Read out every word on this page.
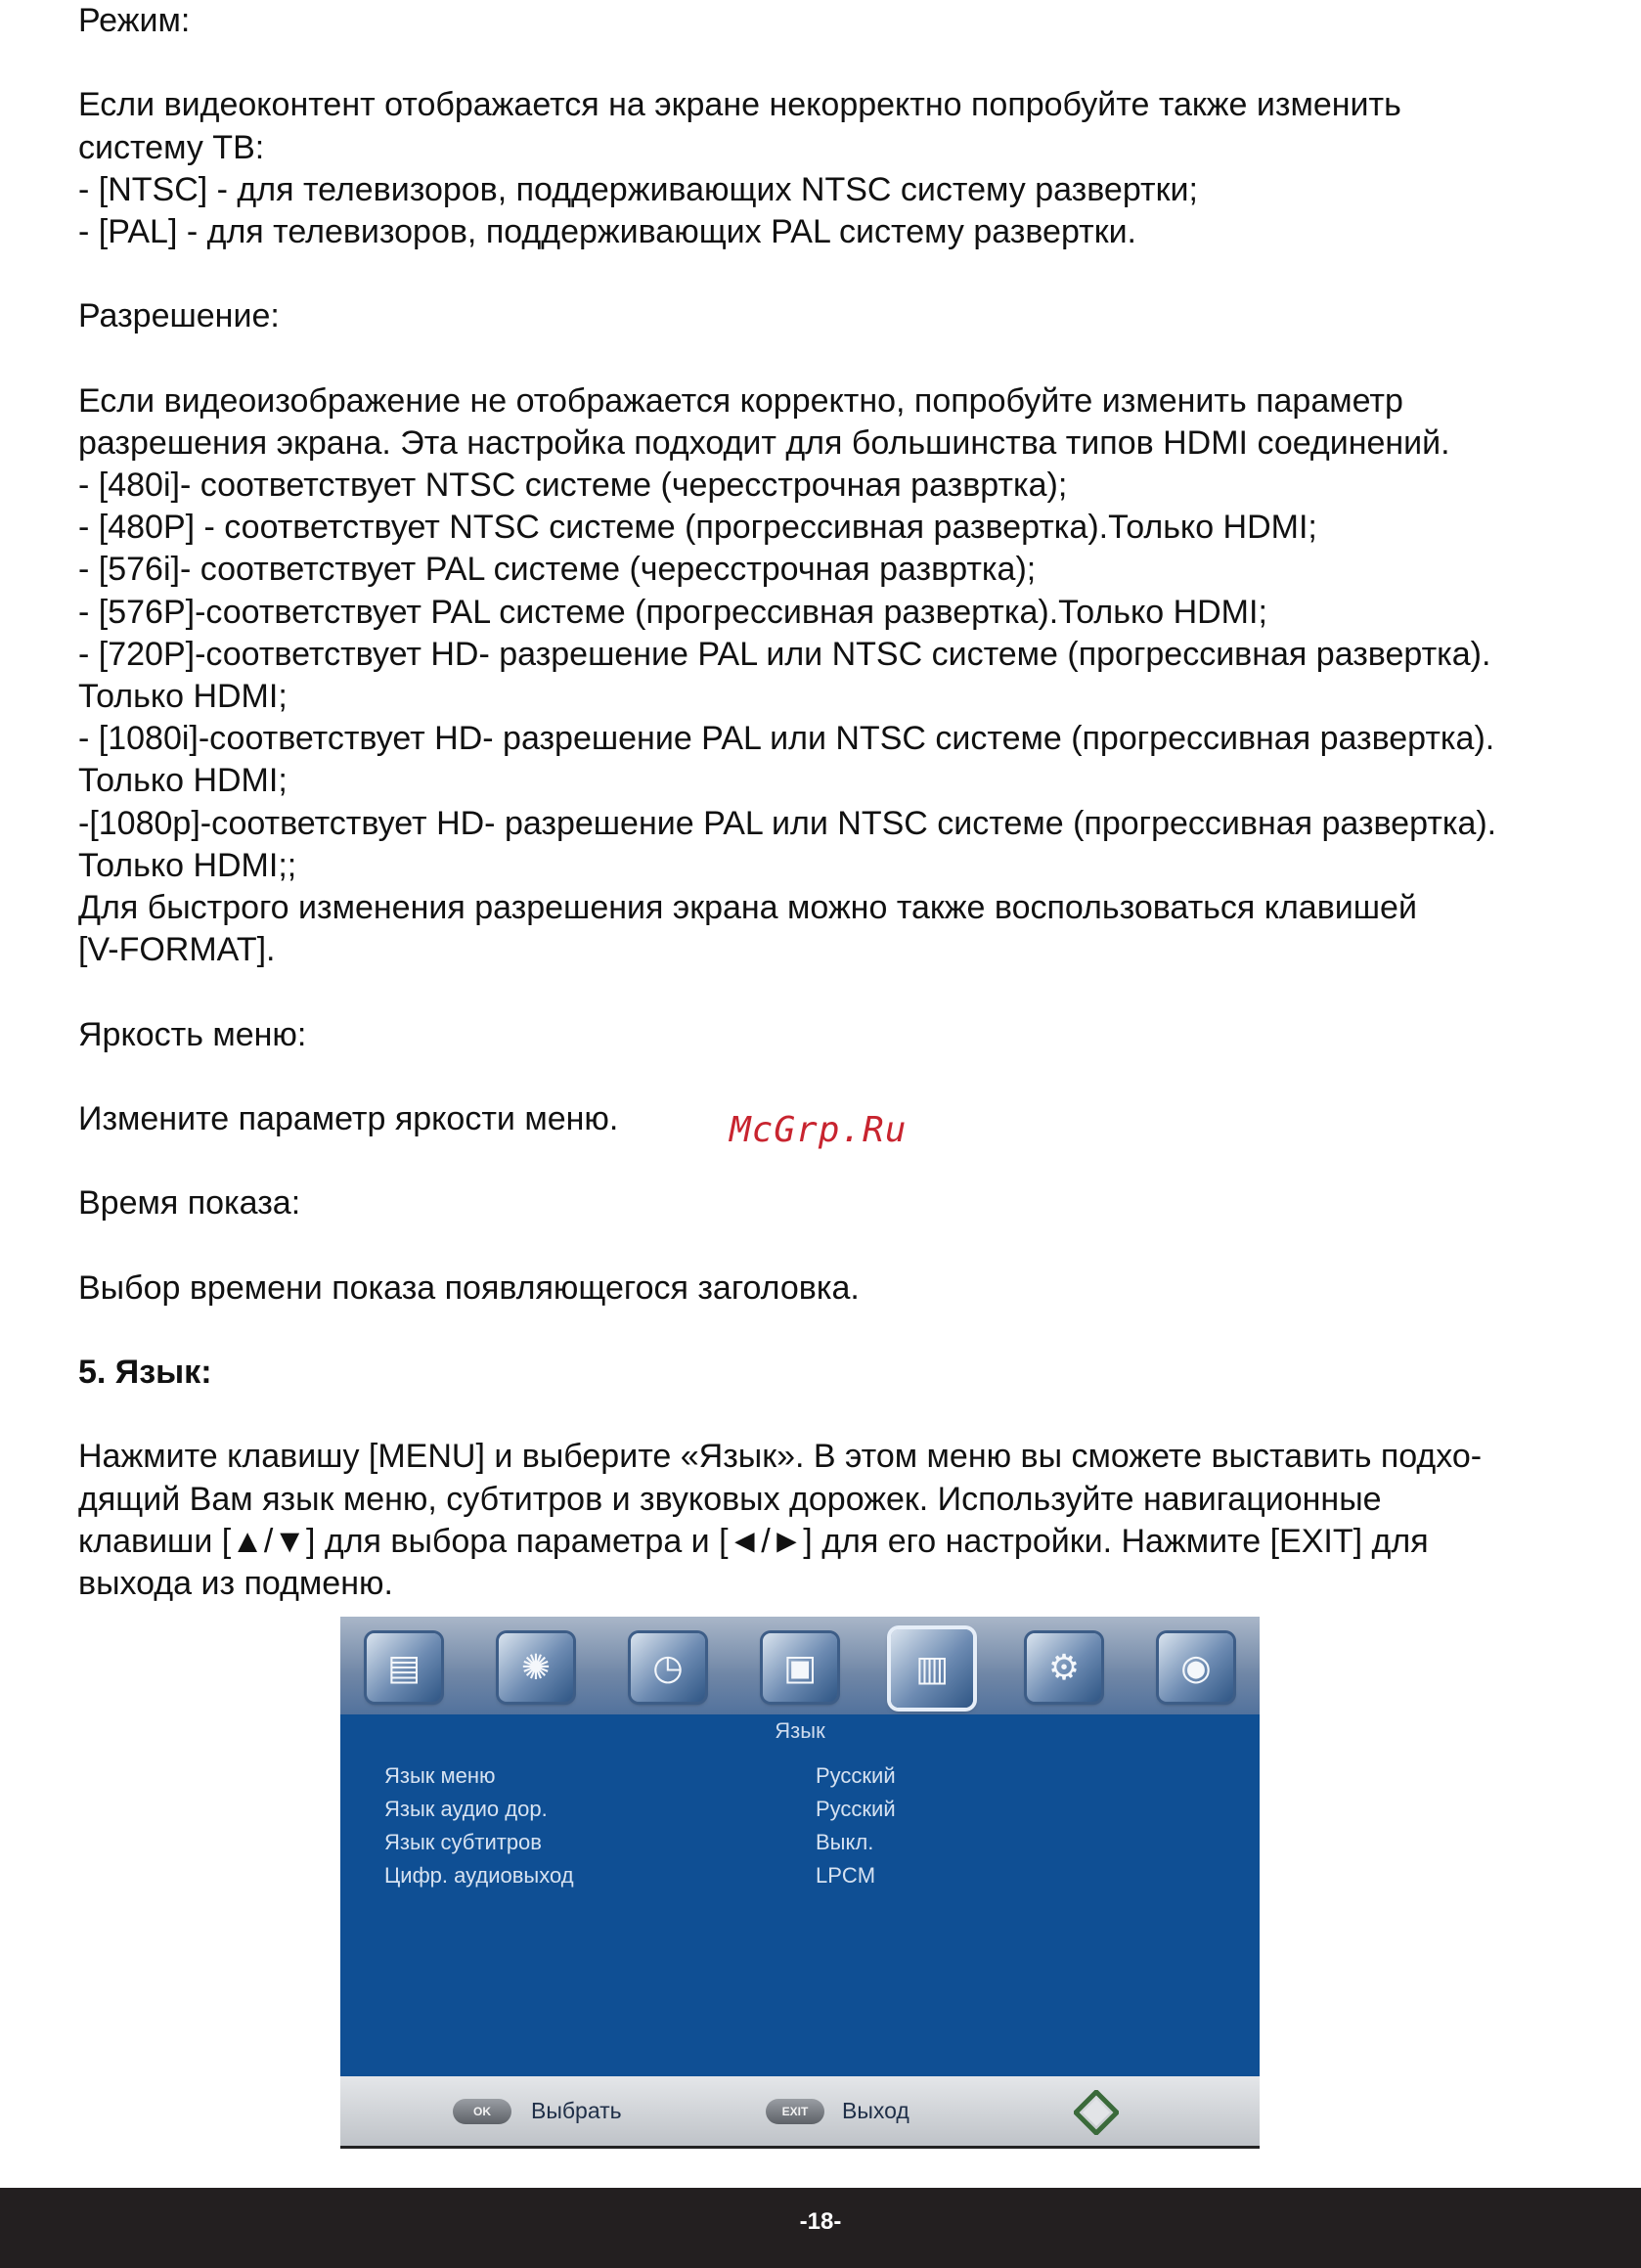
Режим:
Если видеоконтент отображается на экране некорректно попробуйте также изменить
систему ТВ:
- [NTSC] - для телевизоров, поддерживающих NTSC систему развертки;
- [PAL] - для телевизоров, поддерживающих PAL систему развертки.
Разрешение:
Если видеоизображение не отображается корректно, попробуйте изменить параметр
разрешения экрана. Эта настройка подходит для большинства типов HDMI соединений.
- [480i]- соответствует NTSC системе (чересстрочная развртка);
- [480P] - соответствует NTSC системе (прогрессивная развертка).Только HDMI;
- [576i]- соответствует PAL системе (чересстрочная развртка);
- [576P]-соответствует PAL системе (прогрессивная развертка).Только HDMI;
- [720P]-соответствует HD- разрешение PAL или NTSC системе (прогрессивная развертка).
Только HDMI;
- [1080i]-соответствует HD- разрешение PAL или NTSC системе (прогрессивная развертка).
Только HDMI;
-[1080p]-соответствует HD- разрешение PAL или NTSC системе (прогрессивная развертка).
Только HDMI;;
Для быстрого изменения разрешения экрана можно также воспользоваться клавишей
[V-FORMAT].
Яркость меню:
Измените параметр яркости меню.
Время показа:
Выбор времени показа появляющегося заголовка.
5. Язык:
Нажмите клавишу [MENU] и выберите «Язык». В этом меню вы сможете выставить подхо-
дящий Вам язык меню, субтитров и звуковых дорожек. Используйте навигационные
клавиши [▲/▼] для выбора параметра и [◄/►] для его настройки. Нажмите [EXIT] для
выхода из подменю.
McGrp.Ru
▤	✺	◷	▣	▥	⚙	◉
Язык
Язык меню	Русский
Язык аудио дор.	Русский
Язык субтитров	Выкл.
Цифр. аудиовыход	LPCM
OK	Выбрать	EXIT	Выход
-18-
